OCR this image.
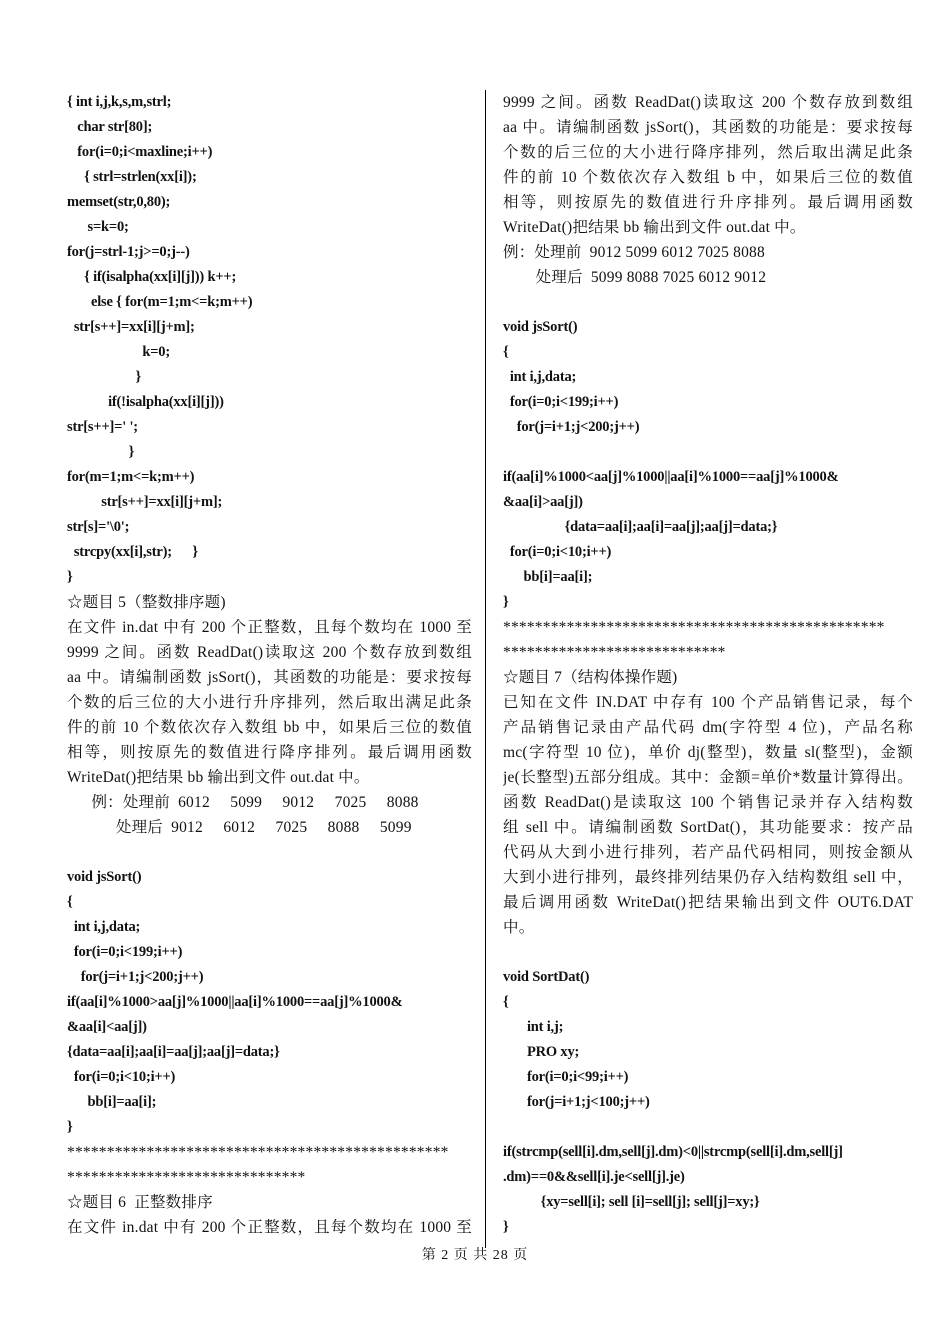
{ int i,j,k,s,m,strl;
char str[80];
for(i=0;i<maxline;i++)
{ strl=strlen(xx[i]);
memset(str,0,80);
s=k=0;
for(j=strl-1;j>=0;j--)
{ if(isalpha(xx[i][j])) k++;
else { for(m=1;m<=k;m++)
str[s++]=xx[i][j+m];
k=0;
}
if(!isalpha(xx[i][j]))
str[s++]=' ';
}
for(m=1;m<=k;m++)
str[s++]=xx[i][j+m];
str[s]='\0';
strcpy(xx[i],str);      }
}
☆题目 5（整数排序题)
在文件 in.dat 中有 200 个正整数，且每个数均在 1000 至
9999 之间。函数 ReadDat()读取这 200 个数存放到数组
aa 中。请编制函数 jsSort()，其函数的功能是：要求按每
个数的后三位的大小进行升序排列，然后取出满足此条
件的前 10 个数依次存入数组 bb 中，如果后三位的数值
相等，则按原先的数值进行降序排列。最后调用函数
WriteDat()把结果 bb 输出到文件 out.dat 中。
例：处理前  6012     5099     9012     7025     8088
处理后  9012     6012     7025     8088     5099
void jsSort()
{
int i,j,data;
for(i=0;i<199;i++)
for(j=i+1;j<200;j++)
if(aa[i]%1000>aa[j]%1000||aa[i]%1000==aa[j]%1000&
&aa[i]<aa[j])
{data=aa[i];aa[i]=aa[j];aa[j]=data;}
for(i=0;i<10;i++)
bb[i]=aa[i];
}
************************************************
******************************
☆题目 6  正整数排序
在文件 in.dat 中有 200 个正整数，且每个数均在 1000 至
9999 之间。函数 ReadDat()读取这 200 个数存放到数组
aa 中。请编制函数 jsSort()，其函数的功能是：要求按每
个数的后三位的大小进行降序排列，然后取出满足此条
件的前 10 个数依次存入数组 b 中，如果后三位的数值
相等，则按原先的数值进行升序排列。最后调用函数
WriteDat()把结果 bb 输出到文件 out.dat 中。
例：处理前  9012 5099 6012 7025 8088
处理后  5099 8088 7025 6012 9012
void jsSort()
{
int i,j,data;
for(i=0;i<199;i++)
for(j=i+1;j<200;j++)
if(aa[i]%1000<aa[j]%1000||aa[i]%1000==aa[j]%1000&
&aa[i]>aa[j])
{data=aa[i];aa[i]=aa[j];aa[j]=data;}
for(i=0;i<10;i++)
bb[i]=aa[i];
}
************************************************
****************************
☆题目 7（结构体操作题)
已知在文件 IN.DAT 中存有 100 个产品销售记录，每个
产品销售记录由产品代码 dm(字符型 4 位)，产品名称
mc(字符型 10 位)，单价 dj(整型)，数量 sl(整型)，金额
je(长整型)五部分组成。其中：金额=单价*数量计算得出。
函数 ReadDat()是读取这 100 个销售记录并存入结构数
组 sell 中。请编制函数 SortDat()，其功能要求：按产品
代码从大到小进行排列，若产品代码相同，则按金额从
大到小进行排列，最终排列结果仍存入结构数组 sell 中，
最后调用函数 WriteDat()把结果输出到文件 OUT6.DAT
中。
void SortDat()
{
int i,j;
PRO xy;
for(i=0;i<99;i++)
for(j=i+1;j<100;j++)
if(strcmp(sell[i].dm,sell[j].dm)<0||strcmp(sell[i].dm,sell[j]
.dm)==0&&sell[i].je<sell[j].je)
{xy=sell[i]; sell [i]=sell[j]; sell[j]=xy;}
}
第 2 页 共 28 页
